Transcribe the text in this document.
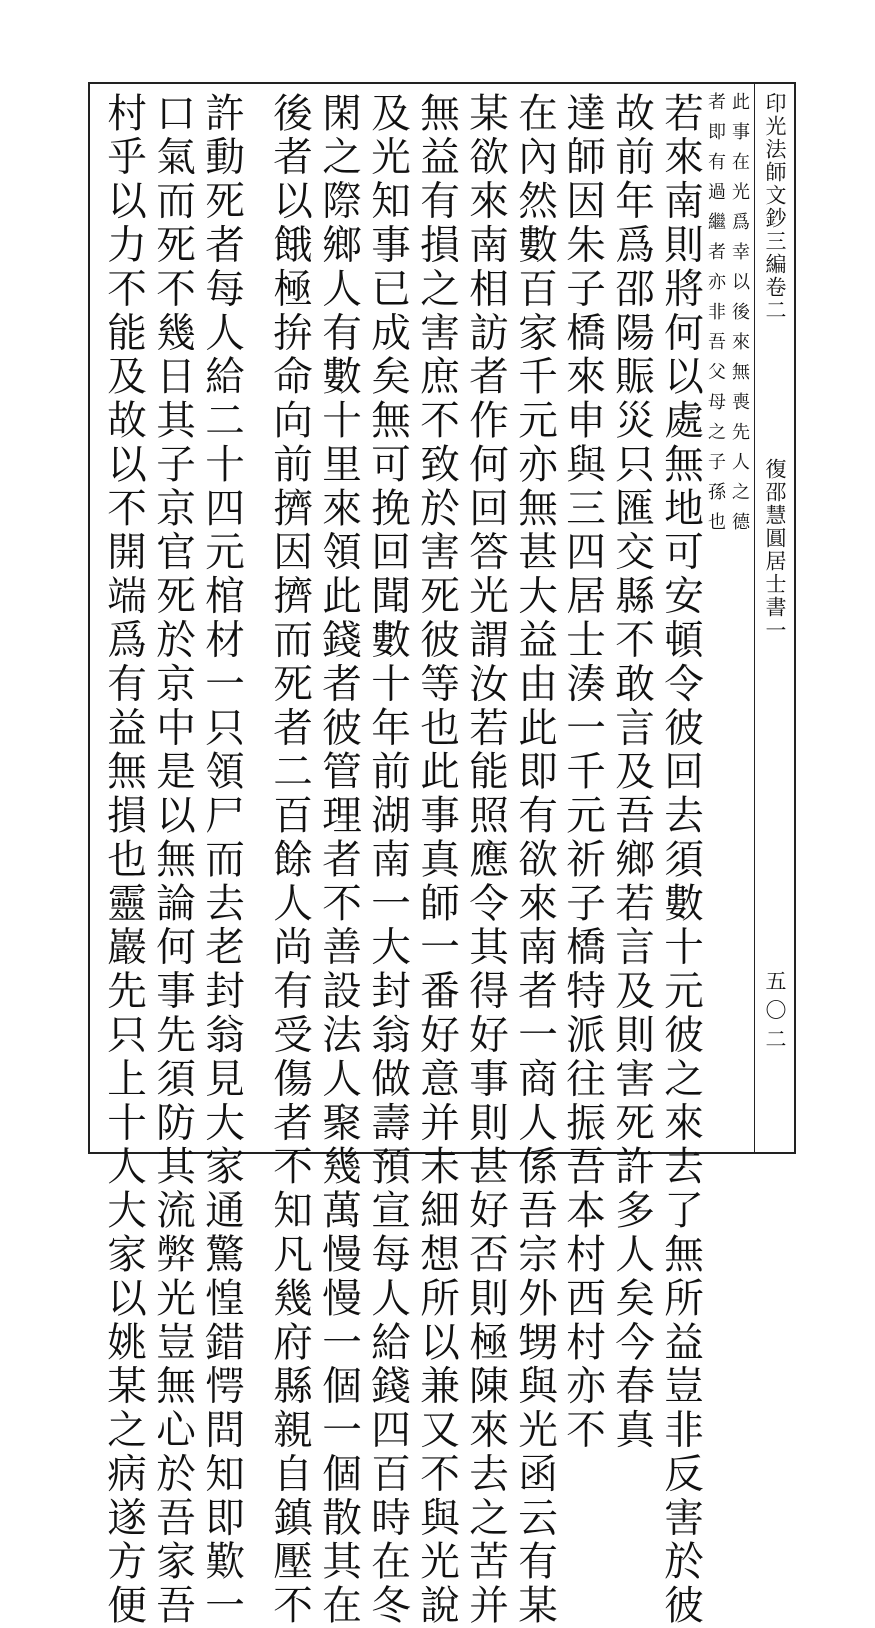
印光法師文鈔三編卷二
復邵慧圓居士書一
五〇二
此事在光爲幸以後來無喪先人之德
者即有過繼者亦非吾父母之子孫也
若來南則將何以處無地可安頓令彼回去須數十元彼之來去了無所益豈非反害於彼
故前年爲邵陽賑災只匯交縣不敢言及吾鄉若言及則害死許多人矣今春真
達師因朱子橋來申與三四居士湊一千元祈子橋特派往振吾本村西村亦不
在內然數百家千元亦無甚大益由此即有欲來南者一商人係吾宗外甥與光函云有某
某欲來南相訪者作何回答光謂汝若能照應令其得好事則甚好否則極陳來去之苦并
無益有損之害庶不致於害死彼等也此事真師一番好意并未細想所以兼又不與光說
及光知事已成矣無可挽回聞數十年前湖南一大封翁做壽預宣每人給錢四百時在冬
閑之際鄉人有數十里來領此錢者彼管理者不善設法人聚幾萬慢慢一個一個散其在
後者以餓極拚命向前擠因擠而死者二百餘人尚有受傷者不知凡幾府縣親自鎮壓不
許動死者每人給二十四元棺材一只領尸而去老封翁見大家通驚惶錯愕問知即歎一
口氣而死不幾日其子京官死於京中是以無論何事先須防其流弊光豈無心於吾家吾
村乎以力不能及故以不開端爲有益無損也靈巖先只上十人大家以姚某之病遂方便
